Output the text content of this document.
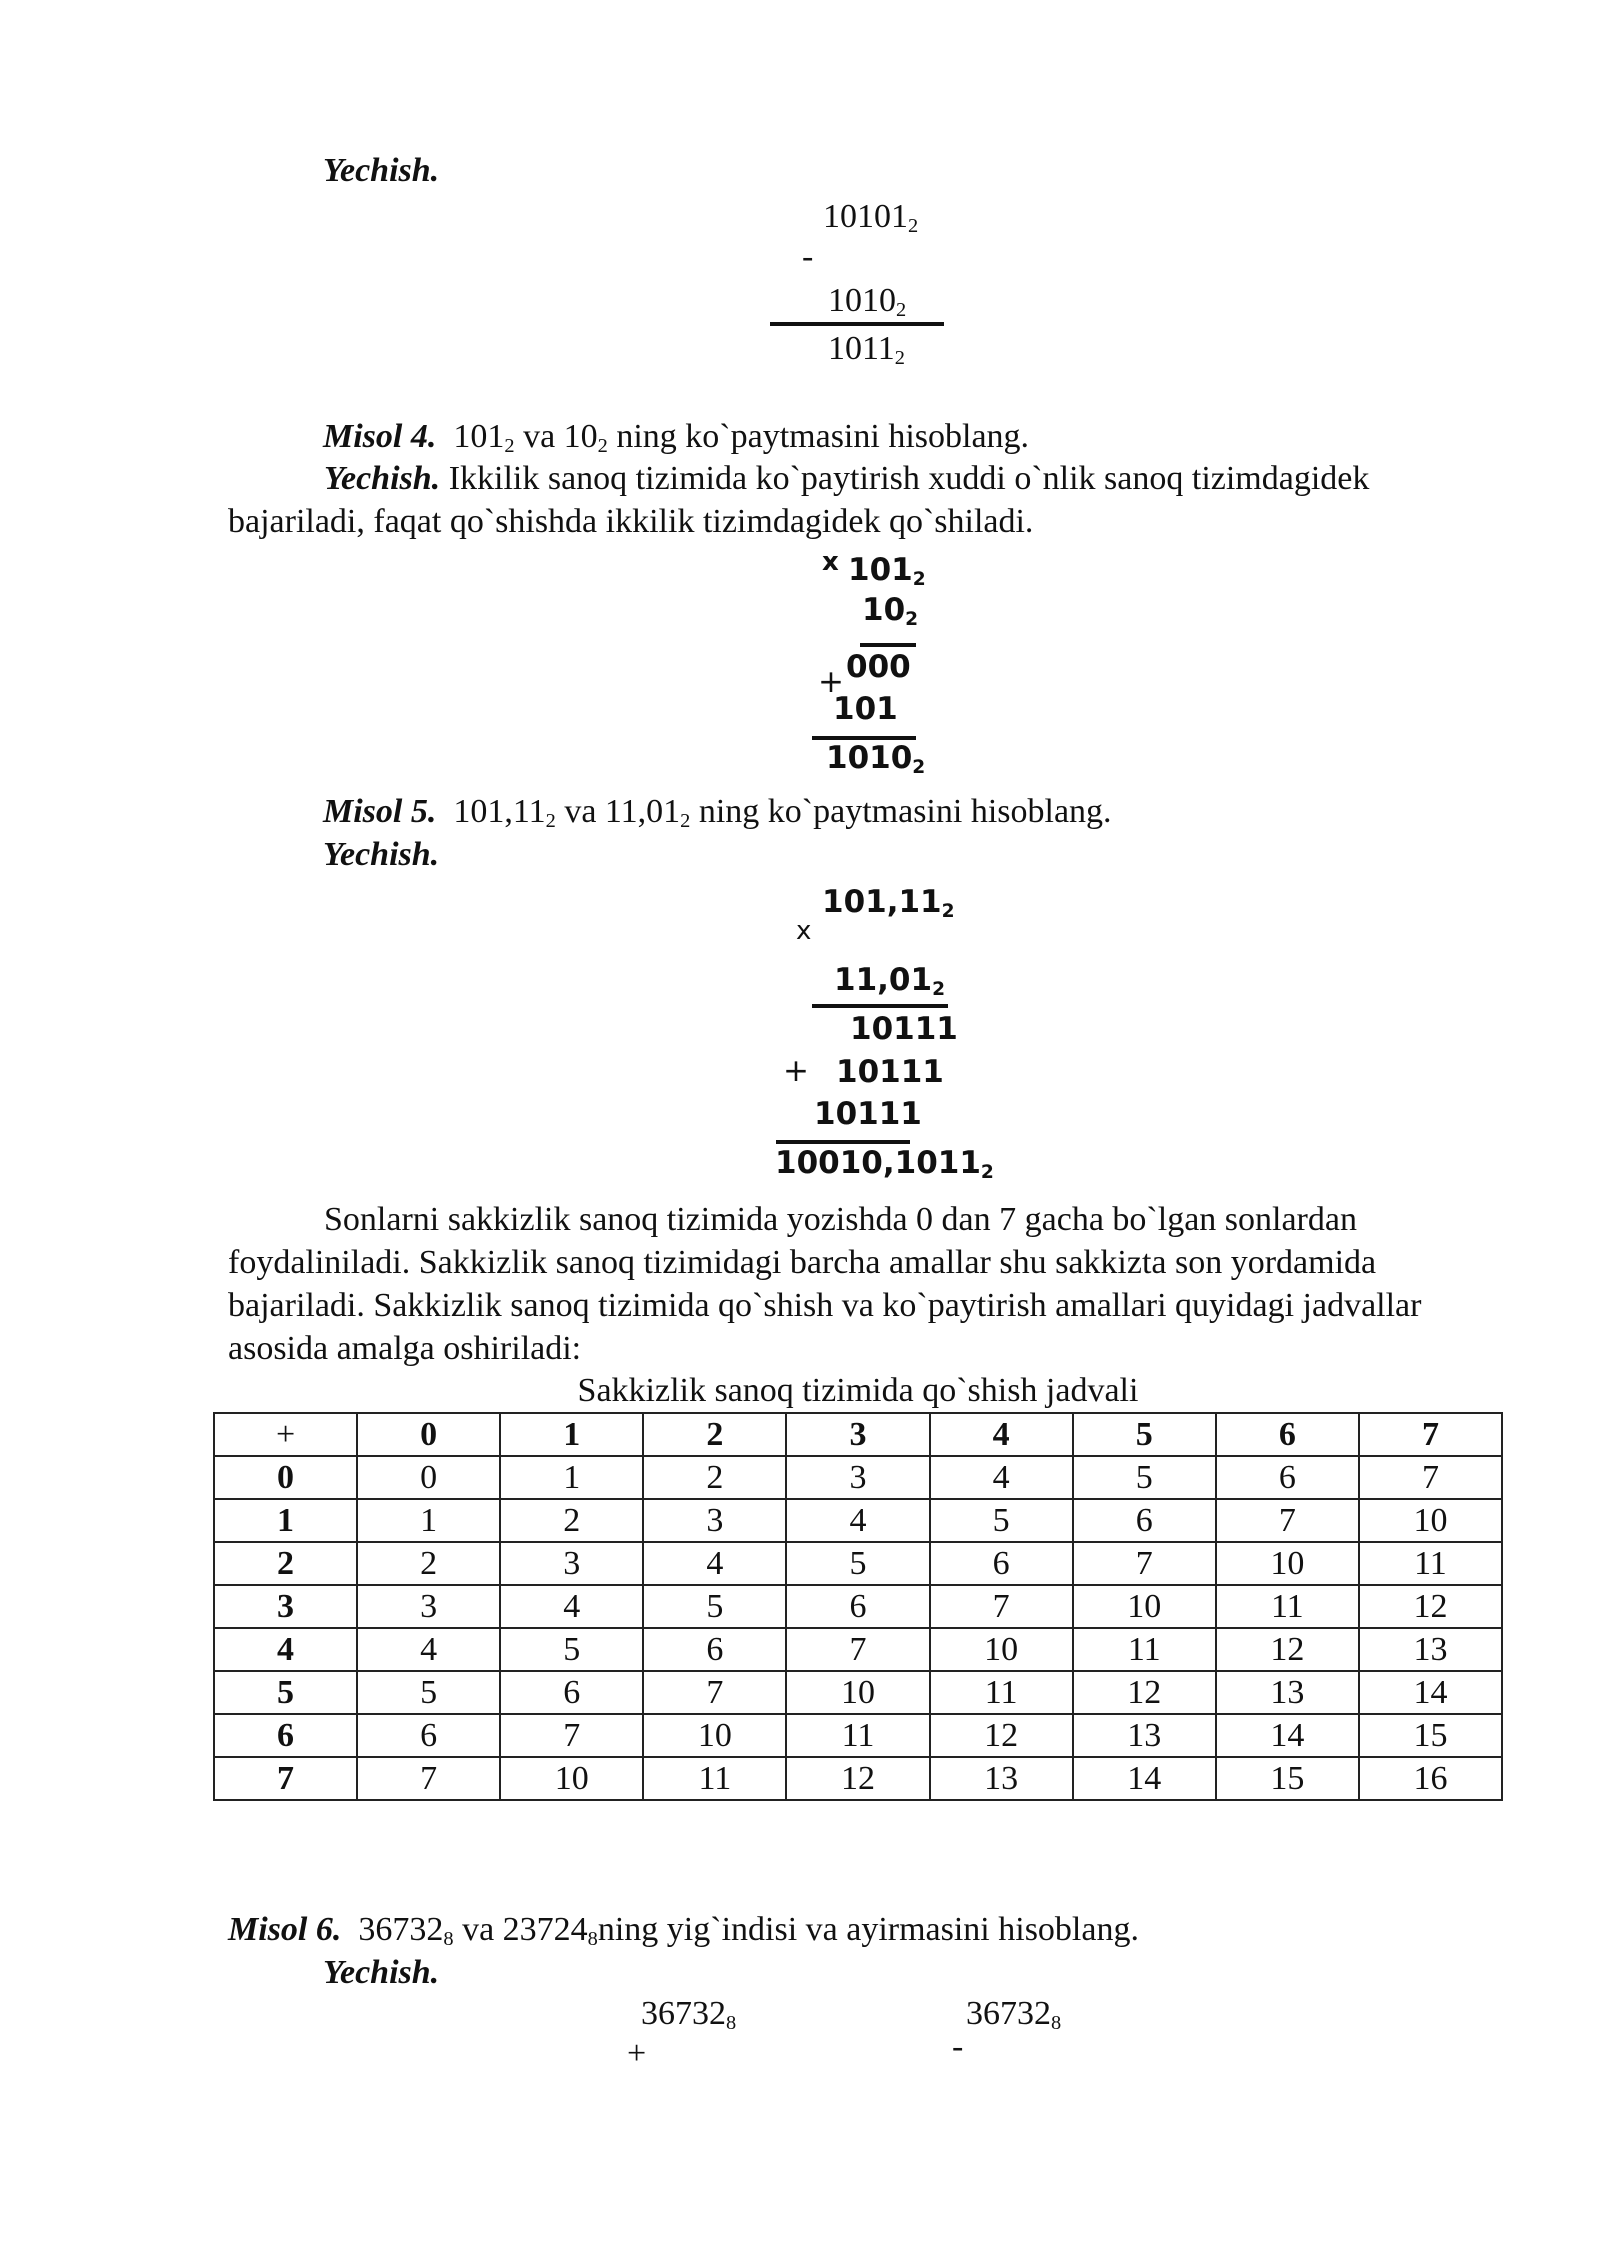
Yechish.
$10101_2$
-
$1010_2$
$1011_2$
Misol 4. $101_2$ va $10_2$ ning ko`paytmasini hisoblang.
Yechish. Ikkilik sanoq tizimida ko`paytirish xuddi o`nlik sanoq tizimdagidek bajariladi, faqat qo`shishda ikkilik tizimdagidek qo`shiladi.
x $101_2$
$10_2$
+ 000
101
$1010_2$
Misol 5. $101,11_2$ va $11,01_2$ ning ko`paytmasini hisoblang.
Yechish.
$101,11_2$
x
$11,01_2$
10111
+ 10111
10111
$10010,1011_2$
Sonlarni sakkizlik sanoq tizimida yozishda 0 dan 7 gacha bo`lgan sonlardan foydaliniladi. Sakkizlik sanoq tizimidagi barcha amallar shu sakkizta son yordamida bajariladi. Sakkizlik sanoq tizimida qo`shish va ko`paytirish amallari quyidagi jadvallar asosida amalga oshiriladi:
Sakkizlik sanoq tizimida qo`shish jadvali
+	0	1	2	3	4	5	6	7
0	0	1	2	3	4	5	6	7
1	1	2	3	4	5	6	7	10
2	2	3	4	5	6	7	10	11
3	3	4	5	6	7	10	11	12
4	4	5	6	7	10	11	12	13
5	5	6	7	10	11	12	13	14
6	6	7	10	11	12	13	14	15
7	7	10	11	12	13	14	15	16
Misol 6. $36732_8$ va $23724_8ning$ yig`indisi va ayirmasini hisoblang.
Yechish.
$36732_8$
+
$36732_8$
-
